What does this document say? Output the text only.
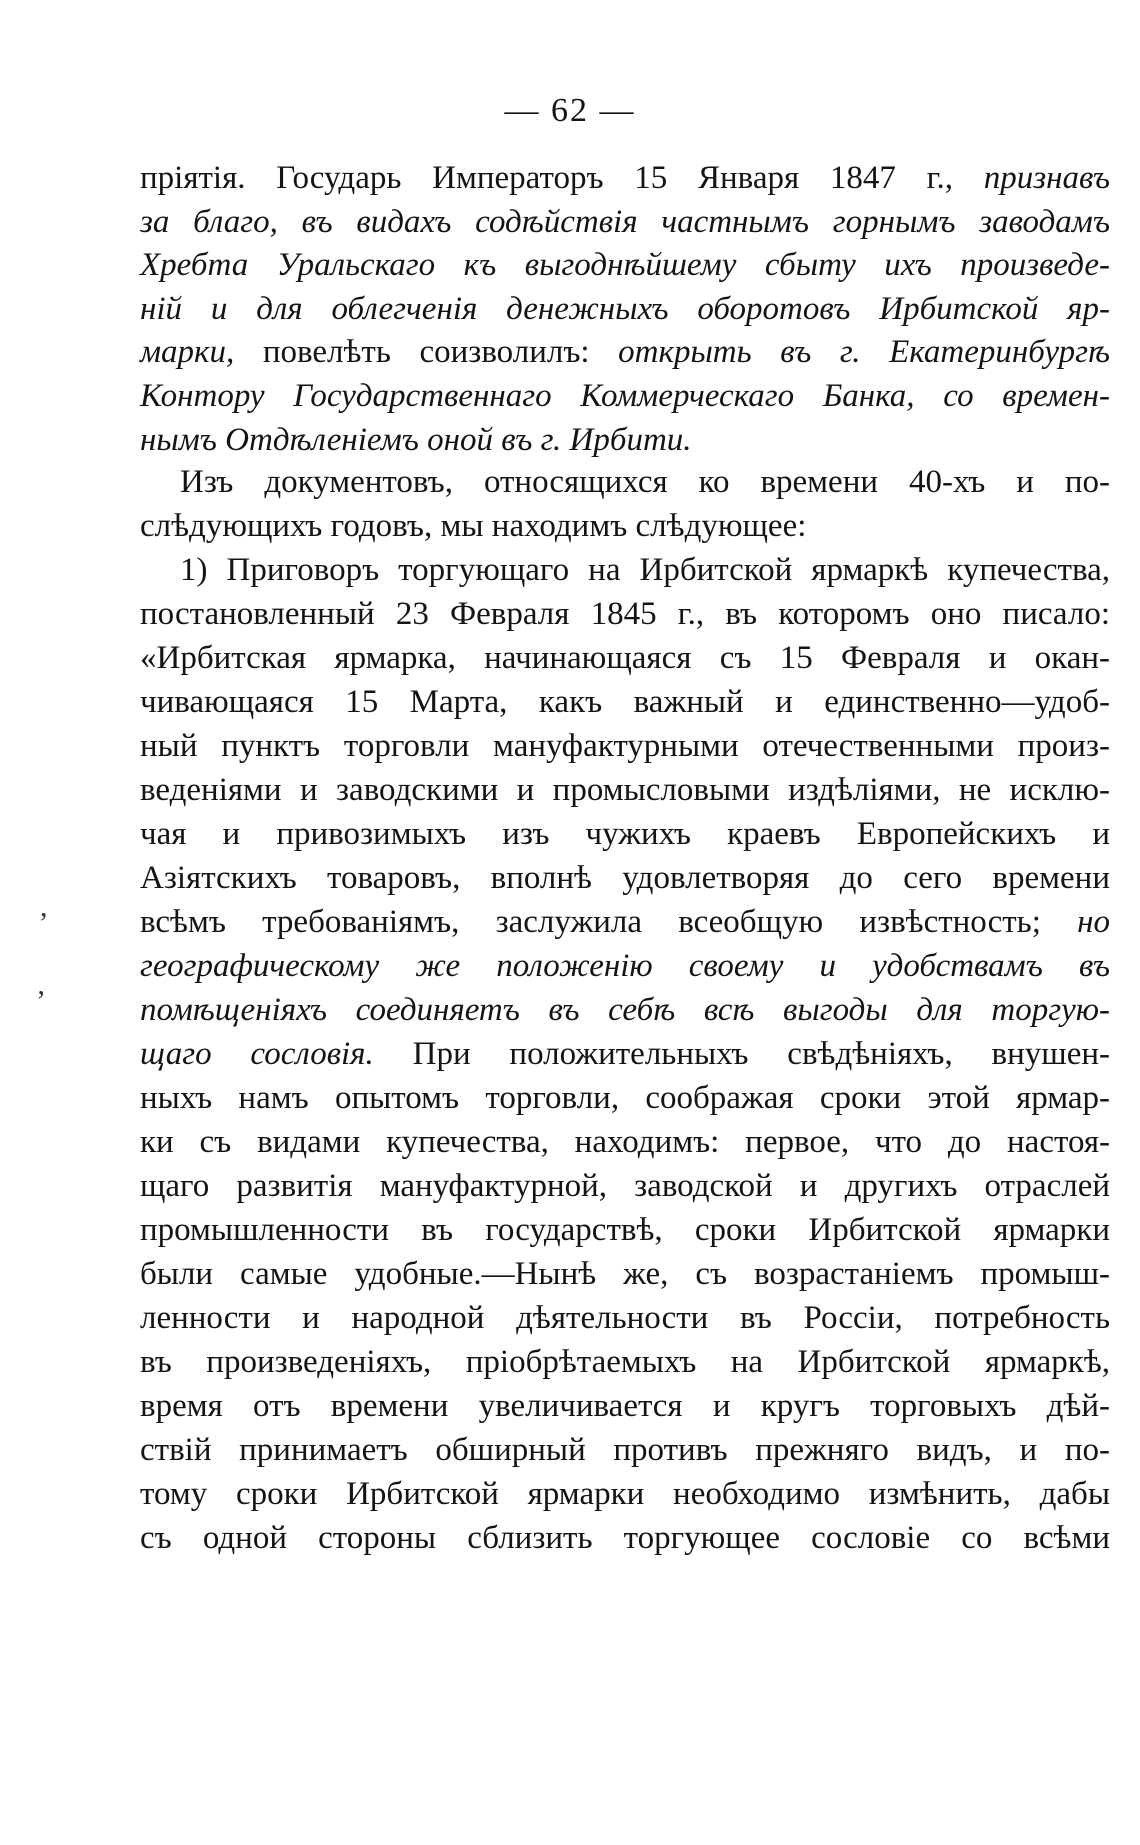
— 62 —
пріятія. Государь Императоръ 15 Января 1847 г., признавъ
за благо, въ видахъ содѣйствія частнымъ горнымъ заводамъ
Хребта Уральскаго къ выгоднѣйшему сбыту ихъ произведе-
ній и для облегченія денежныхъ оборотовъ Ирбитской яр-
марки, повелѣть соизволилъ: открыть въ г. Екатеринбургѣ
Контору Государственнаго Коммерческаго Банка, со времен-
нымъ Отдѣленіемъ оной въ г. Ирбити.
Изъ документовъ, относящихся ко времени 40-хъ и по-
слѣдующихъ годовъ, мы находимъ слѣдующее:
1) Приговоръ торгующаго на Ирбитской ярмаркѣ купечества,
постановленный 23 Февраля 1845 г., въ которомъ оно писало:
«Ирбитская ярмарка, начинающаяся съ 15 Февраля и окан-
чивающаяся 15 Марта, какъ важный и единственно—удоб-
ный пунктъ торговли мануфактурными отечественными произ-
веденіями и заводскими и промысловыми издѣліями, не исклю-
чая и привозимыхъ изъ чужихъ краевъ Европейскихъ и
Азіятскихъ товаровъ, вполнѣ удовлетворяя до сего времени
всѣмъ требованіямъ, заслужила всеобщую извѣстность; но
географическому же положенію своему и удобствамъ въ
помѣщеніяхъ соединяетъ въ себѣ всѣ выгоды для торгую-
щаго сословія. При положительныхъ свѣдѣніяхъ, внушен-
ныхъ намъ опытомъ торговли, соображая сроки этой ярмар-
ки съ видами купечества, находимъ: первое, что до настоя-
щаго развитія мануфактурной, заводской и другихъ отраслей
промышленности въ государствѣ, сроки Ирбитской ярмарки
были самые удобные.—Нынѣ же, съ возрастаніемъ промыш-
ленности и народной дѣятельности въ Россіи, потребность
въ произведеніяхъ, пріобрѣтаемыхъ на Ирбитской ярмаркѣ,
время отъ времени увеличивается и кругъ торговыхъ дѣй-
ствій принимаетъ обширный противъ прежняго видъ, и по-
тому сроки Ирбитской ярмарки необходимо измѣнить, дабы
съ одной стороны сблизить торгующее сословіе со всѣми
,
‚
